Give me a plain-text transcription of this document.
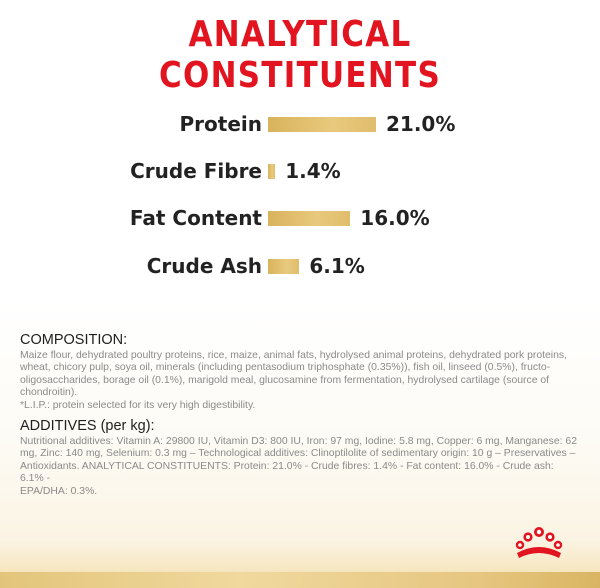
ANALYTICAL CONSTITUENTS
Protein	21.0%
Crude Fibre 1.4%
Fat Content	16.0%
Crude Ash 6.1%
COMPOSITION:
Maize flour, dehydrated poultry proteins, rice, maize, animal fats, hydrolysed animal proteins, dehydrated pork proteins,
wheat, chicory pulp, soya oil, minerals (including pentasodium triphosphate (0.35%)), fish oil, linseed (0.5%), fructo-
oligosaccharides, borage oil (0.1%), marigold meal, glucosamine from fermentation, hydrolysed cartilage (source of
chondroitin).
*L.I.P.: protein selected for its very high digestibility.
ADDITIVES (per kg):
Nutritional additives: Vitamin A: 29800 IU, Vitamin D3: 800 IU, Iron: 97 mg, Iodine: 5.8 mg, Copper: 6 mg, Manganese: 62
mg, Zinc: 140 mg, Selenium: 0.3 mg – Technological additives: Clinoptilolite of sedimentary origin: 10 g – Preservatives –
Antioxidants. ANALYTICAL CONSTITUENTS: Protein: 21.0% - Crude fibres: 1.4% - Fat content: 16.0% - Crude ash: 6.1% -
EPA/DHA: 0.3%.
